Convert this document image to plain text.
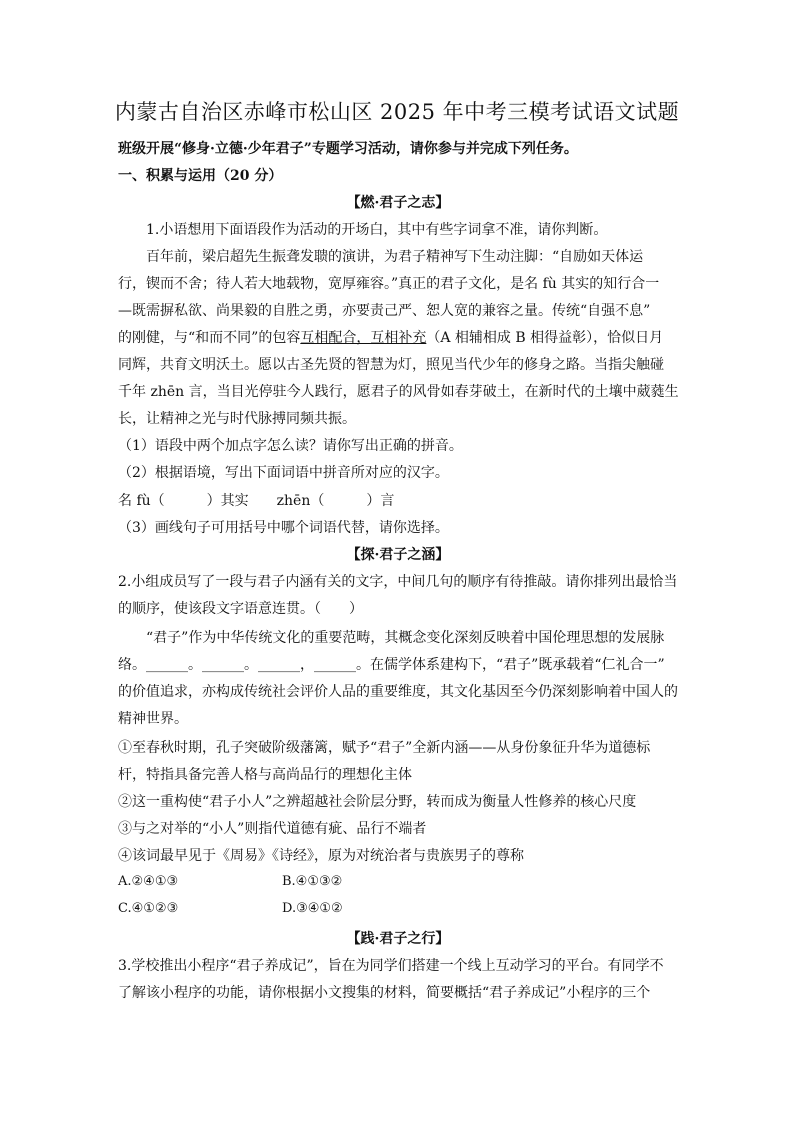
内蒙古自治区赤峰市松山区 2025 年中考三模考试语文试题
班级开展“修身·立德·少年君子”专题学习活动，请你参与并完成下列任务。
一、积累与运用（20 分）
【燃·君子之志】
1.小语想用下面语段作为活动的开场白，其中有些字词拿不准，请你判断。
百年前，梁启超先生振聋发聩的演讲，为君子精神写下生动注脚：“自励如天体运
行，锲而不舍；待人若大地载物，宽厚雍容。”真正的君子文化，是名 fù 其实的知行合一
—既需摒私欲、尚果毅的自胜之勇，亦要责己严、恕人宽的兼容之量。传统“自强不息”
的刚健，与“和而不同”的包容互相配合，互相补充（A 相辅相成 B 相得益彰），恰似日月
同辉，共育文明沃土。愿以古圣先贤的智慧为灯，照见当代少年的修身之路。当指尖触碰
千年 zhēn 言，当目光停驻今人践行，愿君子的风骨如春芽破土，在新时代的土壤中葳蕤生
长，让精神之光与时代脉搏同频共振。
（1）语段中两个加点字怎么读？请你写出正确的拼音。
（2）根据语境，写出下面词语中拼音所对应的汉字。
名 fù（　　　）其实　　zhēn（　　　）言
（3）画线句子可用括号中哪个词语代替，请你选择。
【探·君子之涵】
2.小组成员写了一段与君子内涵有关的文字，中间几句的顺序有待推敲。请你排列出最恰当
的顺序，使该段文字语意连贯。（　　）
“君子”作为中华传统文化的重要范畴，其概念变化深刻反映着中国伦理思想的发展脉
络。______。______。______，______。在儒学体系建构下，“君子”既承载着“仁礼合一”
的价值追求，亦构成传统社会评价人品的重要维度，其文化基因至今仍深刻影响着中国人的
精神世界。
①至春秋时期，孔子突破阶级藩篱，赋予“君子”全新内涵——从身份象征升华为道德标
杆，特指具备完善人格与高尚品行的理想化主体
②这一重构使“君子小人”之辨超越社会阶层分野，转而成为衡量人性修养的核心尺度
③与之对举的“小人”则指代道德有疵、品行不端者
④该词最早见于《周易》《诗经》，原为对统治者与贵族男子的尊称
A.②④①③	B.④①③②
C.④①②③	D.③④①②
【践·君子之行】
3.学校推出小程序“君子养成记”，旨在为同学们搭建一个线上互动学习的平台。有同学不
了解该小程序的功能，请你根据小文搜集的材料，简要概括“君子养成记”小程序的三个
